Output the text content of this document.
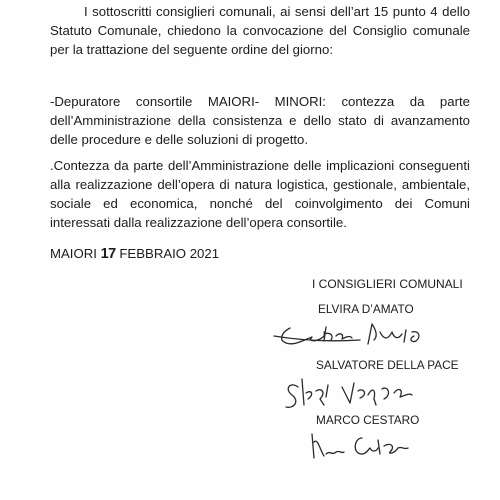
I sottoscritti consiglieri comunali, ai sensi dell’art 15 punto 4 dello Statuto Comunale, chiedono la convocazione del Consiglio comunale per la trattazione del seguente ordine del giorno:

-Depuratore consortile MAIORI- MINORI: contezza da parte dell’Amministrazione della consistenza e dello stato di avanzamento delle procedure e delle soluzioni di progetto.

.Contezza da parte dell’Amministrazione delle implicazioni conseguenti alla realizzazione dell’opera di natura logistica, gestionale, ambientale, sociale ed economica, nonché del coinvolgimento dei Comuni interessati dalla realizzazione dell’opera consortile.

MAIORI 17 FEBBRAIO 2021

I CONSIGLIERI COMUNALI

ELVIRA D’AMATO

SALVATORE DELLA PACE

MARCO CESTARO
